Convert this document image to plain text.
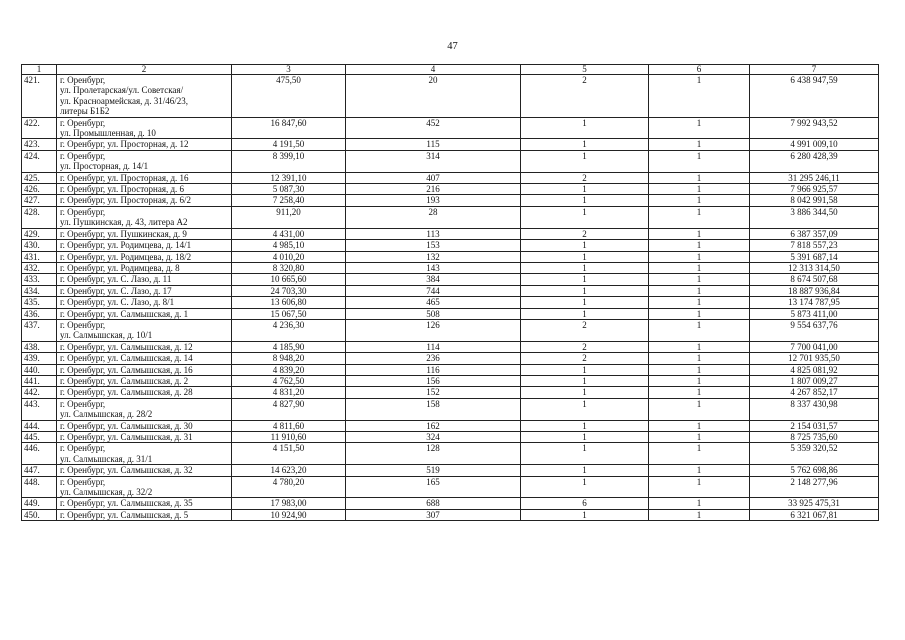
47
1	2	3	4	5	6	7
421.	г. Оренбург,
ул. Пролетарская/ул. Советская/
ул. Красноармейская, д. 31/46/23,
литеры Б1Б2	475,50	20	2	1	6 438 947,59
422.	г. Оренбург,
ул. Промышленная, д. 10	16 847,60	452	1	1	7 992 943,52
423.	г. Оренбург, ул. Просторная, д. 12	4 191,50	115	1	1	4 991 009,10
424.	г. Оренбург,
ул. Просторная, д. 14/1	8 399,10	314	1	1	6 280 428,39
425.	г. Оренбург, ул. Просторная, д. 16	12 391,10	407	2	1	31 295 246,11
426.	г. Оренбург, ул. Просторная, д. 6	5 087,30	216	1	1	7 966 925,57
427.	г. Оренбург, ул. Просторная, д. 6/2	7 258,40	193	1	1	8 042 991,58
428.	г. Оренбург,
ул. Пушкинская, д. 43, литера А2	911,20	28	1	1	3 886 344,50
429.	г. Оренбург, ул. Пушкинская, д. 9	4 431,00	113	2	1	6 387 357,09
430.	г. Оренбург, ул. Родимцева, д. 14/1	4 985,10	153	1	1	7 818 557,23
431.	г. Оренбург, ул. Родимцева, д. 18/2	4 010,20	132	1	1	5 391 687,14
432.	г. Оренбург, ул. Родимцева, д. 8	8 320,80	143	1	1	12 313 314,50
433.	г. Оренбург, ул. С. Лазо, д. 11	10 665,60	384	1	1	8 674 507,68
434.	г. Оренбург, ул. С. Лазо, д. 17	24 703,30	744	1	1	18 887 936,84
435.	г. Оренбург, ул. С. Лазо, д. 8/1	13 606,80	465	1	1	13 174 787,95
436.	г. Оренбург, ул. Салмышская, д. 1	15 067,50	508	1	1	5 873 411,00
437.	г. Оренбург,
ул. Салмышская, д. 10/1	4 236,30	126	2	1	9 554 637,76
438.	г. Оренбург, ул. Салмышская, д. 12	4 185,90	114	2	1	7 700 041,00
439.	г. Оренбург, ул. Салмышская, д. 14	8 948,20	236	2	1	12 701 935,50
440.	г. Оренбург, ул. Салмышская, д. 16	4 839,20	116	1	1	4 825 081,92
441.	г. Оренбург, ул. Салмышская, д. 2	4 762,50	156	1	1	1 807 009,27
442.	г. Оренбург, ул. Салмышская, д. 28	4 831,20	152	1	1	4 267 852,17
443.	г. Оренбург,
ул. Салмышская, д. 28/2	4 827,90	158	1	1	8 337 430,98
444.	г. Оренбург, ул. Салмышская, д. 30	4 811,60	162	1	1	2 154 031,57
445.	г. Оренбург, ул. Салмышская, д. 31	11 910,60	324	1	1	8 725 735,60
446.	г. Оренбург,
ул. Салмышская, д. 31/1	4 151,50	128	1	1	5 359 320,52
447.	г. Оренбург, ул. Салмышская, д. 32	14 623,20	519	1	1	5 762 698,86
448.	г. Оренбург,
ул. Салмышская, д. 32/2	4 780,20	165	1	1	2 148 277,96
449.	г. Оренбург, ул. Салмышская, д. 35	17 983,00	688	6	1	33 925 475,31
450.	г. Оренбург, ул. Салмышская, д. 5	10 924,90	307	1	1	6 321 067,81
